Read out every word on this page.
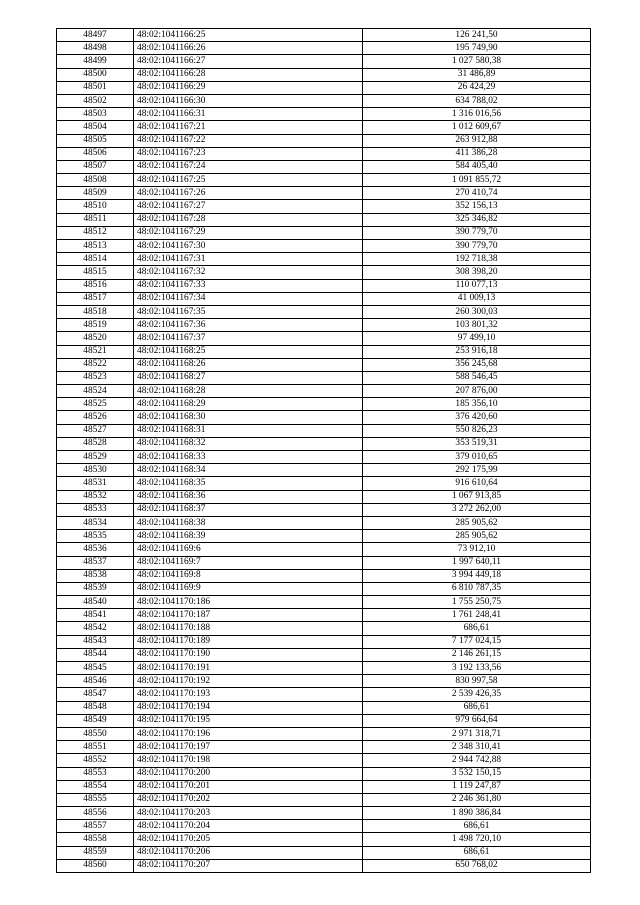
48497	48:02:1041166:25	126 241,50
48498	48:02:1041166:26	195 749,90
48499	48:02:1041166:27	1 027 580,38
48500	48:02:1041166:28	31 486,89
48501	48:02:1041166:29	26 424,29
48502	48:02:1041166:30	634 788,02
48503	48:02:1041166:31	1 316 016,56
48504	48:02:1041167:21	1 012 609,67
48505	48:02:1041167:22	263 912,88
48506	48:02:1041167:23	411 386,28
48507	48:02:1041167:24	584 405,40
48508	48:02:1041167:25	1 091 855,72
48509	48:02:1041167:26	270 410,74
48510	48:02:1041167:27	352 156,13
48511	48:02:1041167:28	325 346,82
48512	48:02:1041167:29	390 779,70
48513	48:02:1041167:30	390 779,70
48514	48:02:1041167:31	192 718,38
48515	48:02:1041167:32	308 398,20
48516	48:02:1041167:33	110 077,13
48517	48:02:1041167:34	41 009,13
48518	48:02:1041167:35	260 300,03
48519	48:02:1041167:36	103 801,32
48520	48:02:1041167:37	97 499,10
48521	48:02:1041168:25	253 916,18
48522	48:02:1041168:26	356 245,68
48523	48:02:1041168:27	588 546,45
48524	48:02:1041168:28	207 876,00
48525	48:02:1041168:29	185 356,10
48526	48:02:1041168:30	376 420,60
48527	48:02:1041168:31	550 826,23
48528	48:02:1041168:32	353 519,31
48529	48:02:1041168:33	379 010,65
48530	48:02:1041168:34	292 175,99
48531	48:02:1041168:35	916 610,64
48532	48:02:1041168:36	1 067 913,85
48533	48:02:1041168:37	3 272 262,00
48534	48:02:1041168:38	285 905,62
48535	48:02:1041168:39	285 905,62
48536	48:02:1041169:6	73 912,10
48537	48:02:1041169:7	1 997 640,11
48538	48:02:1041169:8	3 994 449,18
48539	48:02:1041169:9	6 810 787,35
48540	48:02:1041170:186	1 755 250,75
48541	48:02:1041170:187	1 761 248,41
48542	48:02:1041170:188	686,61
48543	48:02:1041170:189	7 177 024,15
48544	48:02:1041170:190	2 146 261,15
48545	48:02:1041170:191	3 192 133,56
48546	48:02:1041170:192	830 997,58
48547	48:02:1041170:193	2 539 426,35
48548	48:02:1041170:194	686,61
48549	48:02:1041170:195	979 664,64
48550	48:02:1041170:196	2 971 318,71
48551	48:02:1041170:197	2 348 310,41
48552	48:02:1041170:198	2 944 742,88
48553	48:02:1041170:200	3 532 150,15
48554	48:02:1041170:201	1 119 247,87
48555	48:02:1041170:202	2 246 361,80
48556	48:02:1041170:203	1 890 386,84
48557	48:02:1041170:204	686,61
48558	48:02:1041170:205	1 498 720,10
48559	48:02:1041170:206	686,61
48560	48:02:1041170:207	650 768,02
